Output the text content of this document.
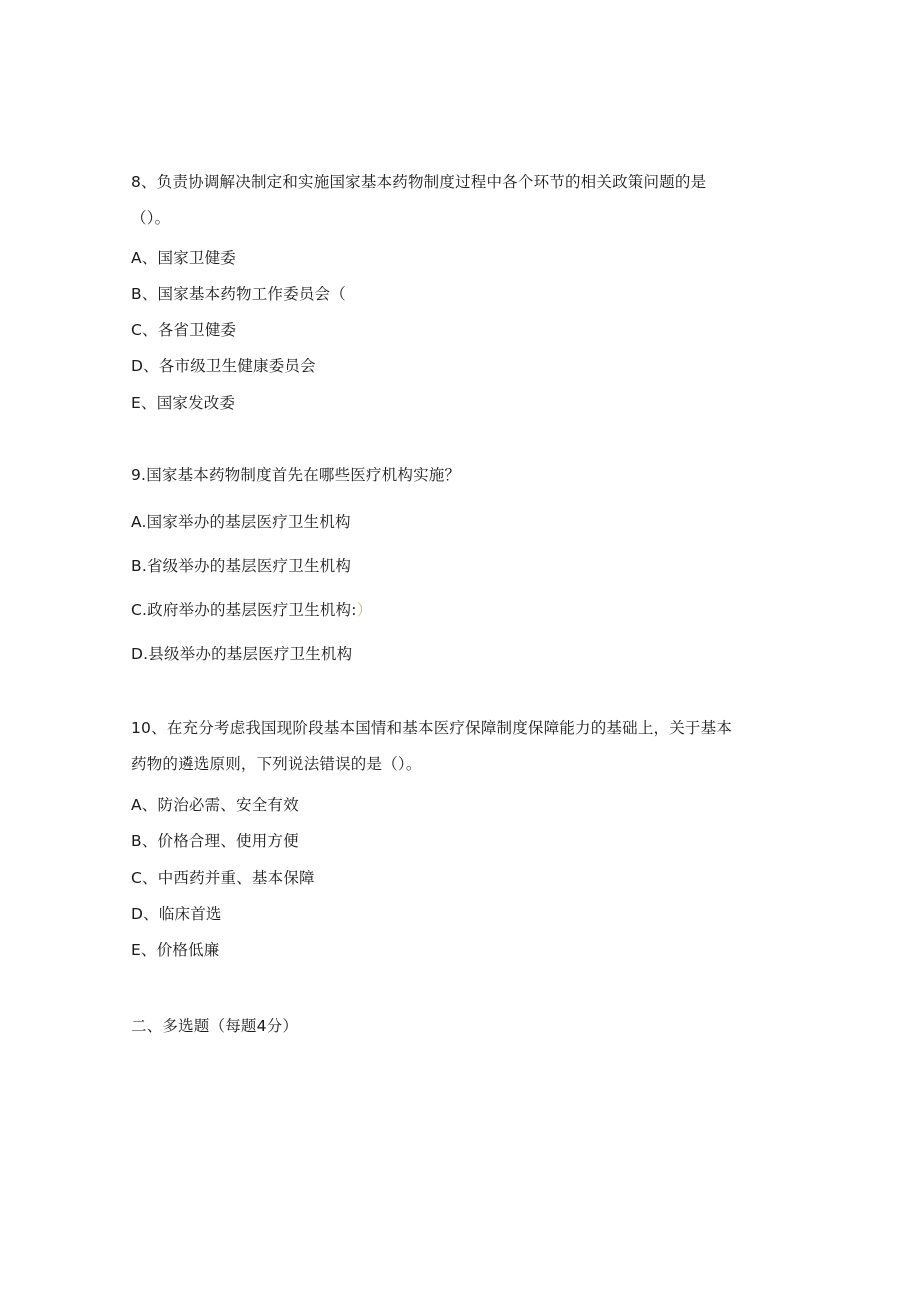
8、负责协调解决制定和实施国家基本药物制度过程中各个环节的相关政策问题的是
（）。
A、国家卫健委
B、国家基本药物工作委员会（
C、各省卫健委
D、各市级卫生健康委员会
E、国家发改委
9.国家基本药物制度首先在哪些医疗机构实施？
A.国家举办的基层医疗卫生机构
B.省级举办的基层医疗卫生机构
C.政府举办的基层医疗卫生机构:）
D.县级举办的基层医疗卫生机构
10、在充分考虑我国现阶段基本国情和基本医疗保障制度保障能力的基础上，关于基本
药物的遴选原则，下列说法错误的是（）。
A、防治必需、安全有效
B、价格合理、使用方便
C、中西药并重、基本保障
D、临床首选
E、价格低廉
二、多选题（每题4分）
